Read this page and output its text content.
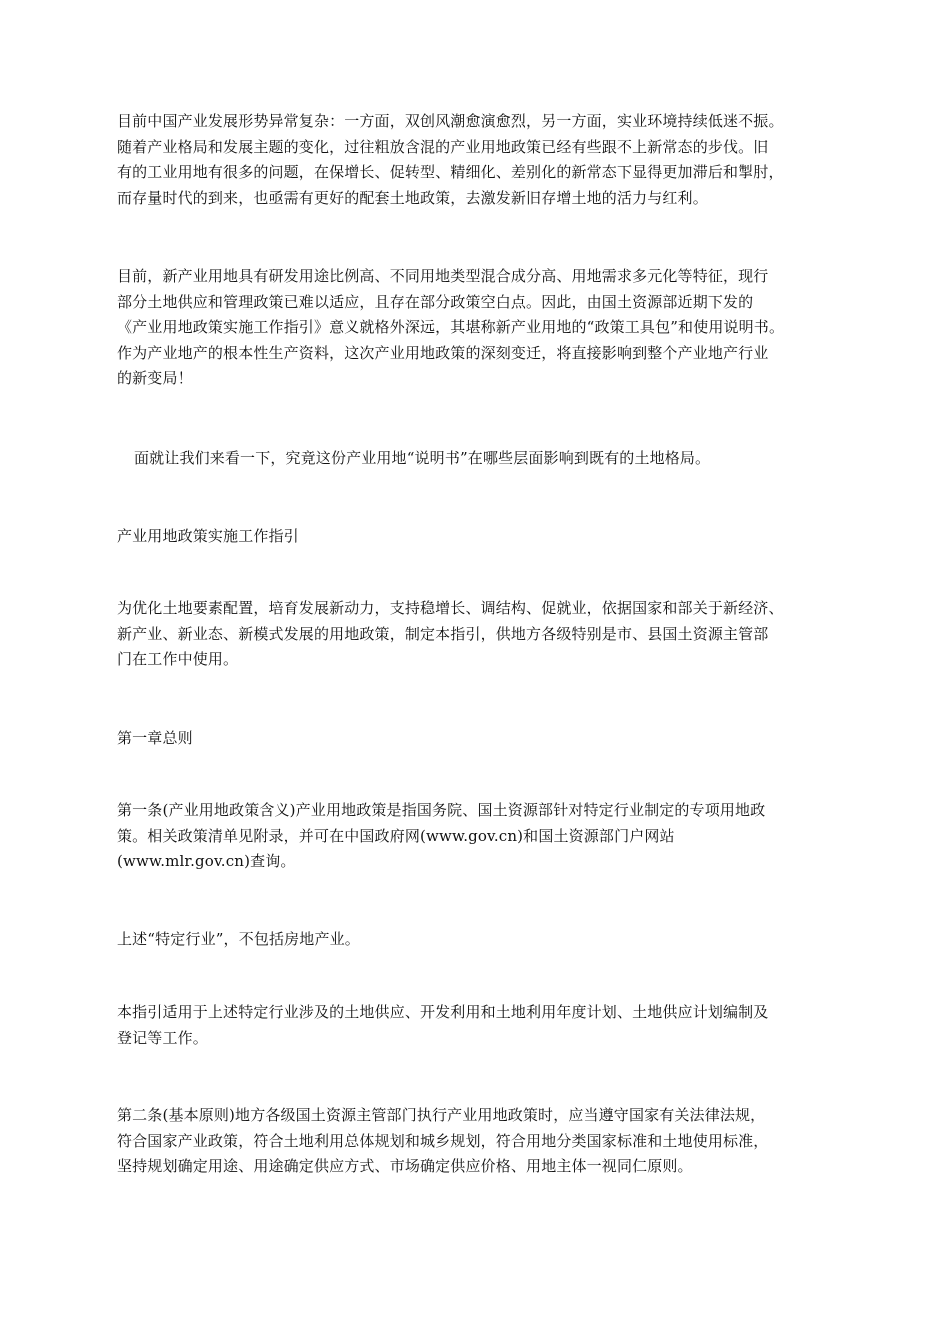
目前中国产业发展形势异常复杂：一方面，双创风潮愈演愈烈，另一方面，实业环境持续低迷不振。
随着产业格局和发展主题的变化，过往粗放含混的产业用地政策已经有些跟不上新常态的步伐。旧
有的工业用地有很多的问题，在保增长、促转型、精细化、差别化的新常态下显得更加滞后和掣肘，
而存量时代的到来，也亟需有更好的配套土地政策，去激发新旧存增土地的活力与红利。

目前，新产业用地具有研发用途比例高、不同用地类型混合成分高、用地需求多元化等特征，现行
部分土地供应和管理政策已难以适应，且存在部分政策空白点。因此，由国土资源部近期下发的
《产业用地政策实施工作指引》意义就格外深远，其堪称新产业用地的“政策工具包”和使用说明书。
作为产业地产的根本性生产资料，这次产业用地政策的深刻变迁，将直接影响到整个产业地产行业
的新变局！

面就让我们来看一下，究竟这份产业用地“说明书”在哪些层面影响到既有的土地格局。

产业用地政策实施工作指引

为优化土地要素配置，培育发展新动力，支持稳增长、调结构、促就业，依据国家和部关于新经济、
新产业、新业态、新模式发展的用地政策，制定本指引，供地方各级特别是市、县国土资源主管部
门在工作中使用。

第一章总则

第一条(产业用地政策含义)产业用地政策是指国务院、国土资源部针对特定行业制定的专项用地政
策。相关政策清单见附录，并可在中国政府网(www.gov.cn)和国土资源部门户网站
(www.mlr.gov.cn)查询。

上述“特定行业”，不包括房地产业。

本指引适用于上述特定行业涉及的土地供应、开发利用和土地利用年度计划、土地供应计划编制及
登记等工作。

第二条(基本原则)地方各级国土资源主管部门执行产业用地政策时，应当遵守国家有关法律法规，
符合国家产业政策，符合土地利用总体规划和城乡规划，符合用地分类国家标准和土地使用标准，
坚持规划确定用途、用途确定供应方式、市场确定供应价格、用地主体一视同仁原则。
